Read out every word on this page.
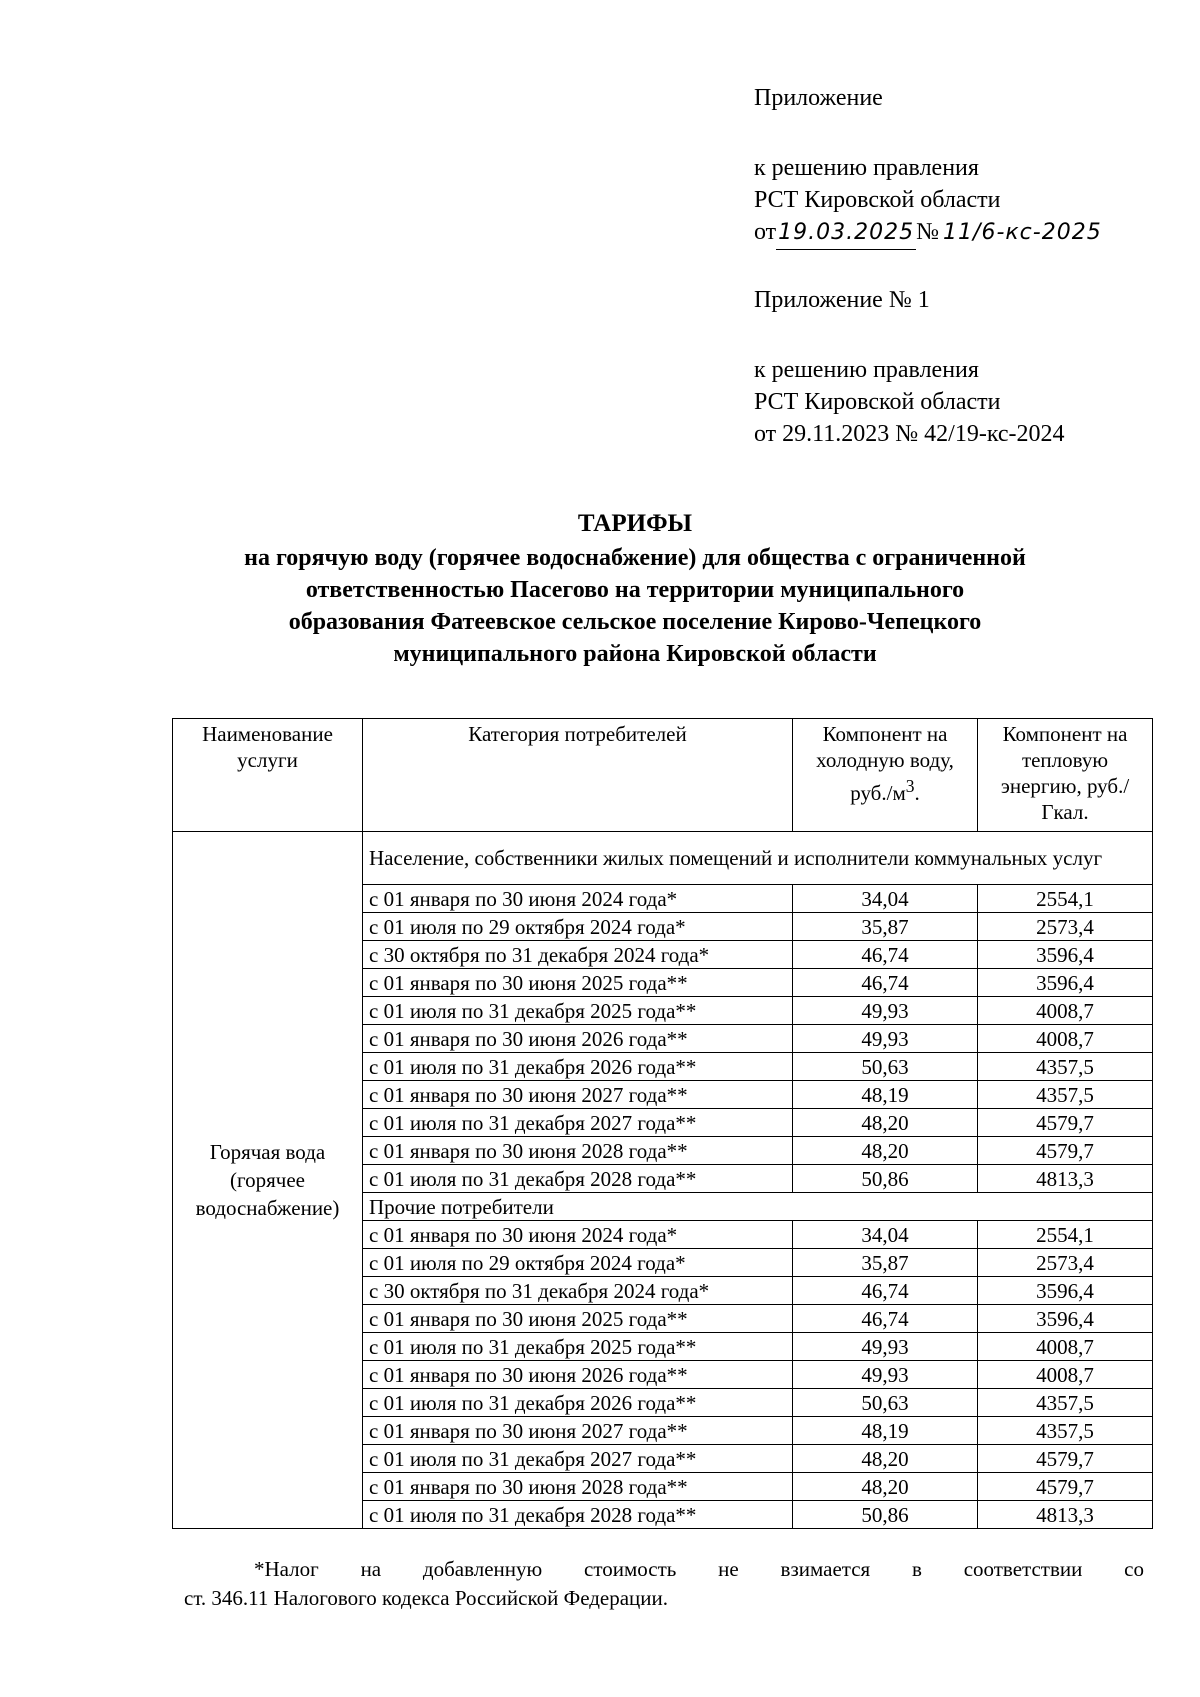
Приложение
к решению правления
РСТ Кировской области
от19.03.2025№ 11/6-кс-2025
Приложение № 1
к решению правления
РСТ Кировской области
от 29.11.2023 № 42/19-кс-2024
ТАРИФЫ
на горячую воду (горячее водоснабжение) для общества с ограниченной
ответственностью Пасегово на территории муниципального
образования Фатеевское сельское поселение Кирово-Чепецкого
муниципального района Кировской области
Наименование услуги	Категория потребителей	Компонент на холодную воду, $руб./м^3$.	Компонент на тепловую энергию, руб./Гкал.

Горячая вода
(горячее
водоснабжение)	Население, собственники жилых помещений и исполнители коммунальных услуг		
	с 01 января по 30 июня 2024 года*	34,04	2554,1
	с 01 июля по 29 октября 2024 года*	35,87	2573,4
	с 30 октября по 31 декабря 2024 года*	46,74	3596,4
	с 01 января по 30 июня 2025 года**	46,74	3596,4
	с 01 июля по 31 декабря 2025 года**	49,93	4008,7
	с 01 января по 30 июня 2026 года**	49,93	4008,7
	с 01 июля по 31 декабря 2026 года**	50,63	4357,5
	с 01 января по 30 июня 2027 года**	48,19	4357,5
	с 01 июля по 31 декабря 2027 года**	48,20	4579,7
	с 01 января по 30 июня 2028 года**	48,20	4579,7
	с 01 июля по 31 декабря 2028 года**	50,86	4813,3
	Прочие потребители		
	с 01 января по 30 июня 2024 года*	34,04	2554,1
	с 01 июля по 29 октября 2024 года*	35,87	2573,4
	с 30 октября по 31 декабря 2024 года*	46,74	3596,4
	с 01 января по 30 июня 2025 года**	46,74	3596,4
	с 01 июля по 31 декабря 2025 года**	49,93	4008,7
	с 01 января по 30 июня 2026 года**	49,93	4008,7
	с 01 июля по 31 декабря 2026 года**	50,63	4357,5
	с 01 января по 30 июня 2027 года**	48,19	4357,5
	с 01 июля по 31 декабря 2027 года**	48,20	4579,7
	с 01 января по 30 июня 2028 года**	48,20	4579,7
	с 01 июля по 31 декабря 2028 года**	50,86	4813,3
*Налог на добавленную стоимость не взимается в соответствии со
ст. 346.11 Налогового кодекса Российской Федерации.
